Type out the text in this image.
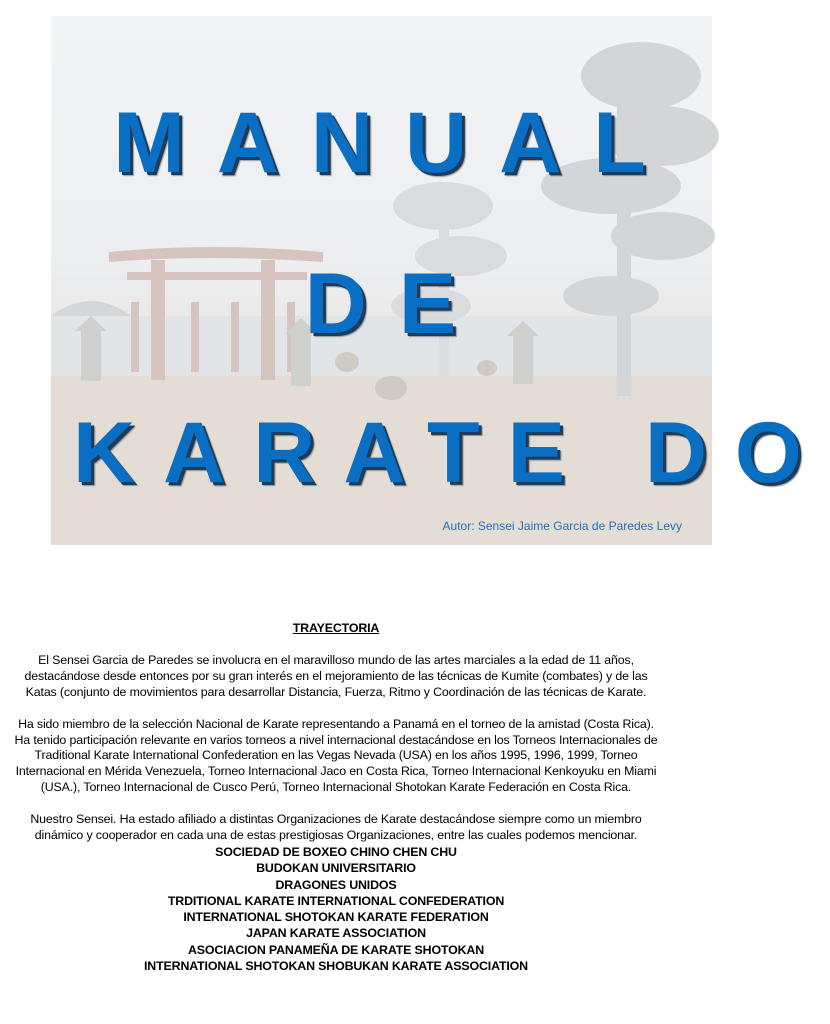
MANUAL

DE

KARATE DO

Autor: Sensei Jaime Garcia de Paredes Levy

TRAYECTORIA

El Sensei Garcia de Paredes se involucra en el maravilloso mundo de las artes marciales a la edad de 11 años, destacándose desde entonces por su gran interés en el mejoramiento de las técnicas de Kumite (combates) y de las Katas (conjunto de movimientos para desarrollar Distancia, Fuerza, Ritmo y Coordinación de las técnicas de Karate.

Ha sido miembro de la selección Nacional de Karate representando a Panamá en el torneo de la amistad (Costa Rica). Ha tenido participación relevante en varios torneos a nivel internacional destacándose en los Torneos Internacionales de Traditional Karate International Confederation en las Vegas Nevada (USA) en los años 1995, 1996, 1999, Torneo Internacional en Mérida Venezuela, Torneo Internacional Jaco en Costa Rica, Torneo Internacional Kenkoyuku en Miami (USA.), Torneo Internacional de Cusco Perú, Torneo Internacional Shotokan Karate Federación en Costa Rica.

Nuestro Sensei. Ha estado afiliado a distintas Organizaciones de Karate destacándose siempre como un miembro dinámico y cooperador en cada una de estas prestigiosas Organizaciones, entre las cuales podemos mencionar.

SOCIEDAD DE BOXEO CHINO CHEN CHU
BUDOKAN UNIVERSITARIO
DRAGONES UNIDOS
TRDITIONAL KARATE INTERNATIONAL CONFEDERATION
INTERNATIONAL SHOTOKAN KARATE FEDERATION
JAPAN KARATE ASSOCIATION
ASOCIACION PANAMEÑA DE KARATE SHOTOKAN
INTERNATIONAL SHOTOKAN SHOBUKAN KARATE ASSOCIATION
